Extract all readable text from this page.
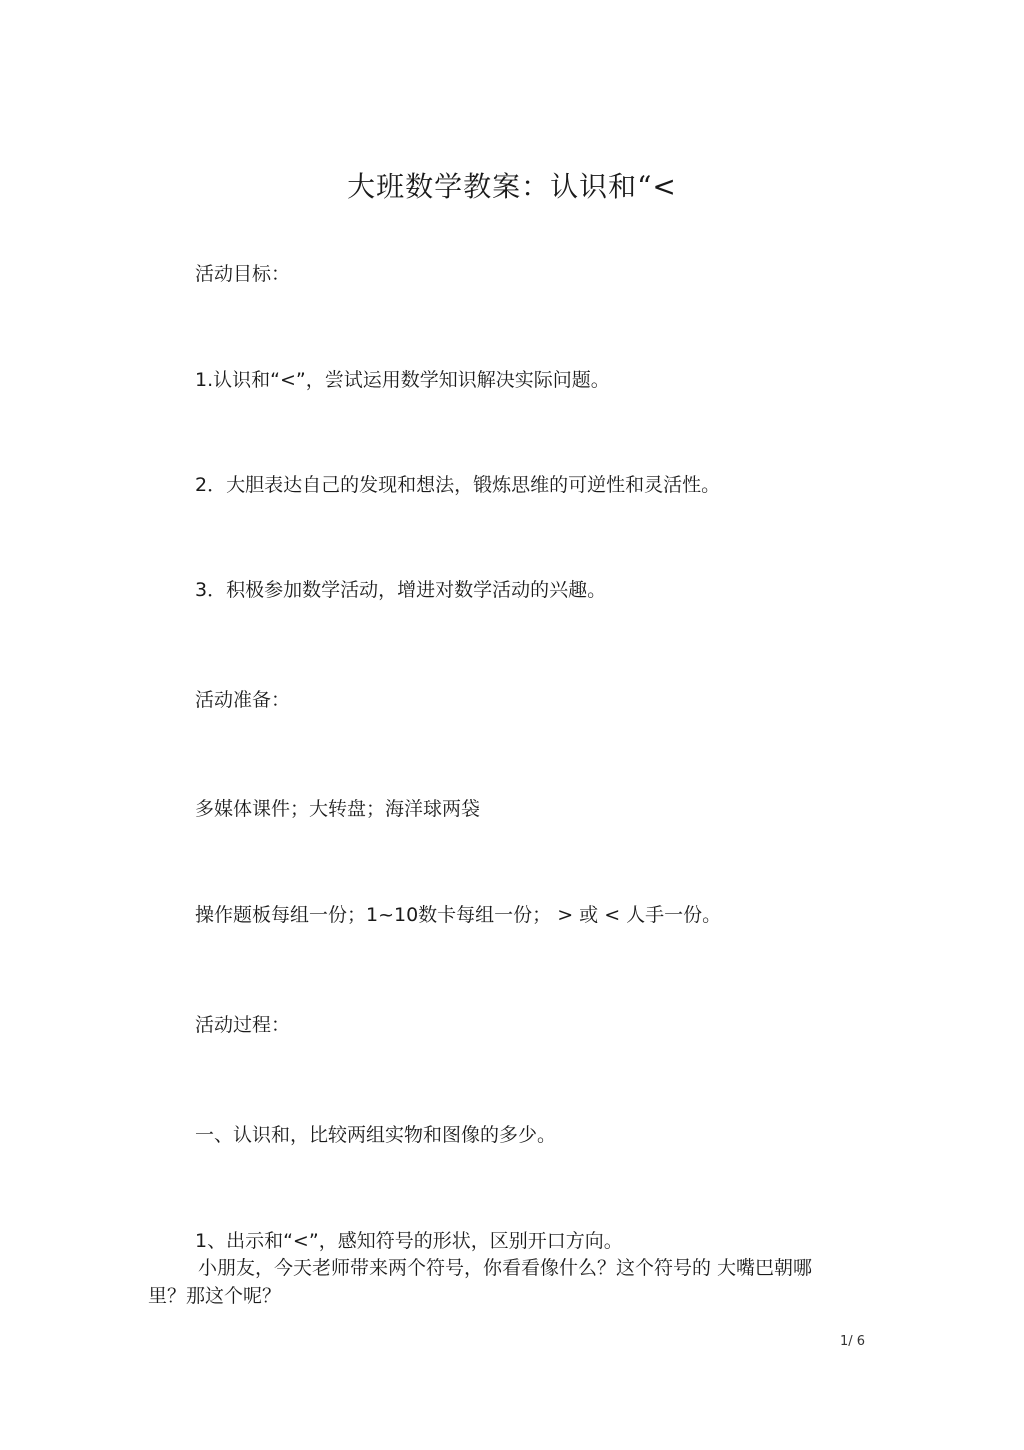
大班数学教案：认识和“<
活动目标：
1.认识和“<”，尝试运用数学知识解决实际问题。
2．大胆表达自己的发现和想法，锻炼思维的可逆性和灵活性。
3．积极参加数学活动，增进对数学活动的兴趣。
活动准备：
多媒体课件；大转盘；海洋球两袋
操作题板每组一份；1~10数卡每组一份； > 或 < 人手一份。
活动过程：
一、认识和，比较两组实物和图像的多少。
1、出示和“<”，感知符号的形状，区别开口方向。
小朋友，今天老师带来两个符号，你看看像什么？这个符号的 大嘴巴朝哪里？那这个呢？
1/ 6
